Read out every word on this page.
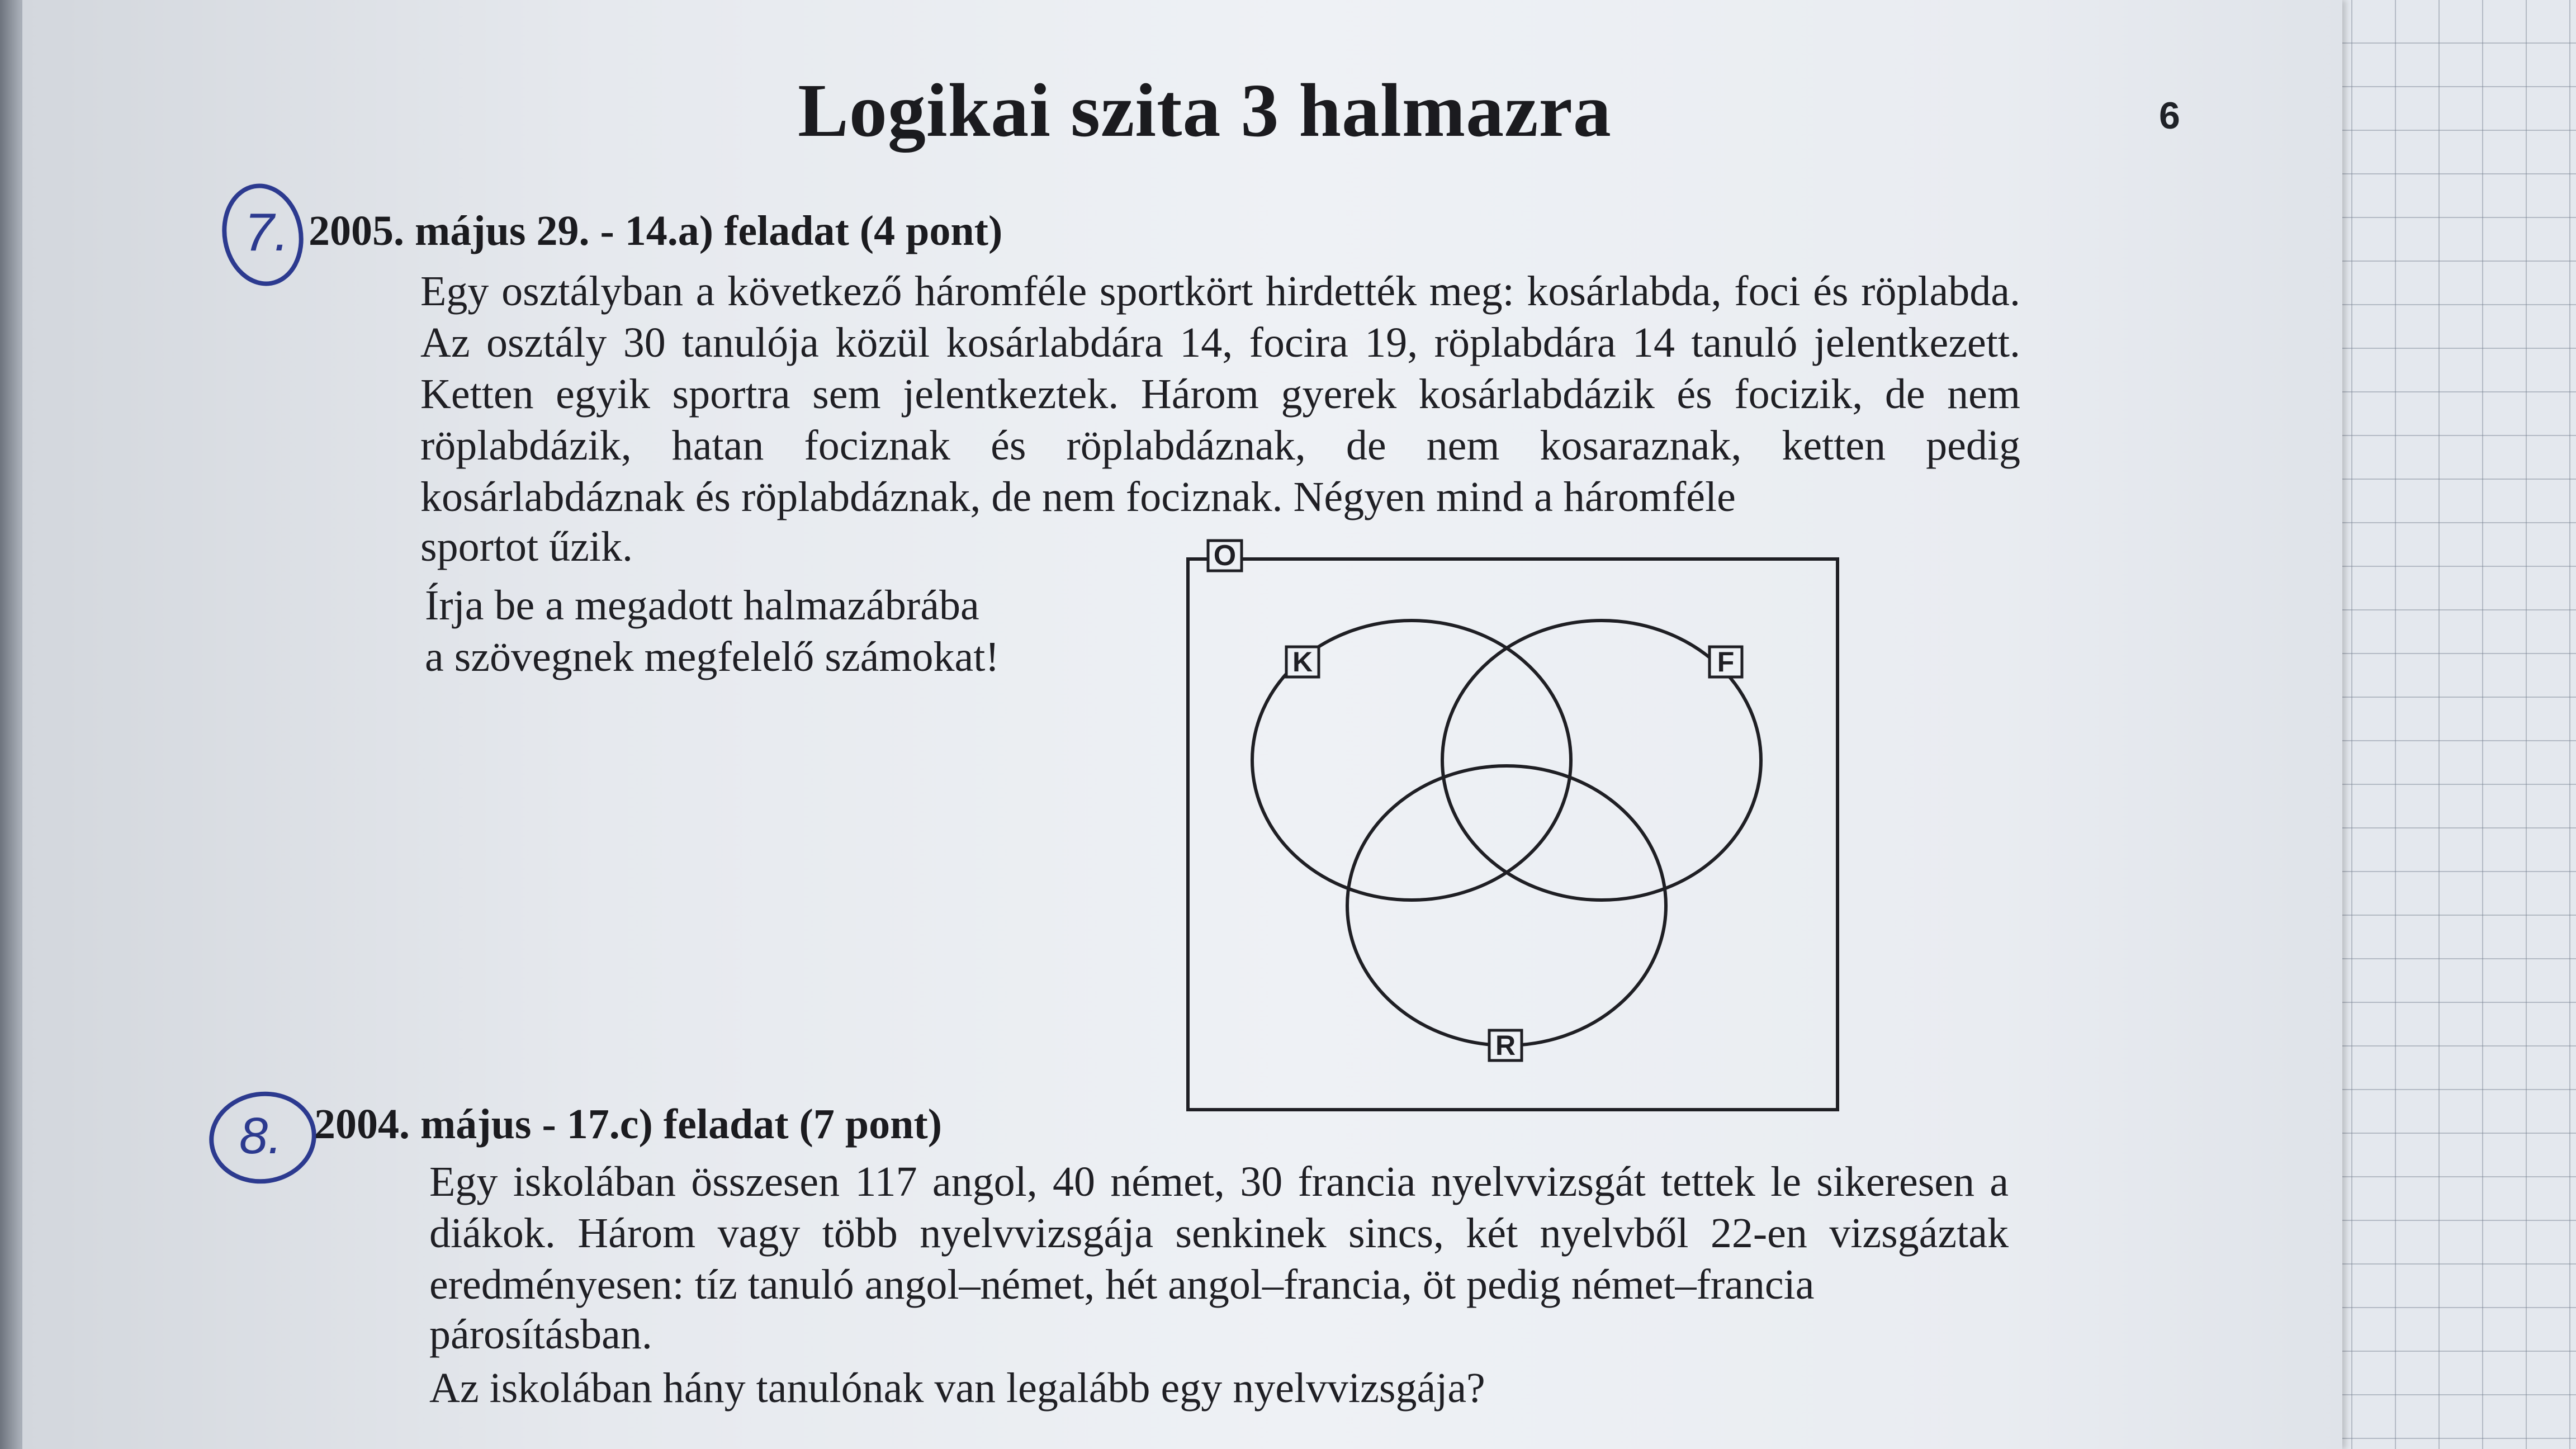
Logikai szita 3 halmazra	6
7. 2005. május 29. - 14.a) feladat (4 pont)
Egy osztályban a következő háromféle sportkört hirdették meg: kosárlabda, foci és röplabda. Az osztály 30 tanulója közül kosárlabdára 14, focira 19, röplabdára 14 tanuló jelentkezett. Ketten egyik sportra sem jelentkeztek. Három gyerek kosárlabdázik és focizik, de nem röplabdázik, hatan fociznak és röplabdáznak, de nem kosaraznak, ketten pedig kosárlabdáznak és röplabdáznak, de nem fociznak. Négyen mind a háromféle
sportot űzik.
Írja be a megadott halmazábrába
a szövegnek megfelelő számokat!
O
K	F
R
8. 2004. május - 17.c) feladat (7 pont)
Egy iskolában összesen 117 angol, 40 német, 30 francia nyelvvizsgát tettek le sikeresen a diákok. Három vagy több nyelvvizsgája senkinek sincs, két nyelvből 22-en vizsgáztak eredményesen: tíz tanuló angol–német, hét angol–francia, öt pedig német–francia
párosításban.
Az iskolában hány tanulónak van legalább egy nyelvvizsgája?
